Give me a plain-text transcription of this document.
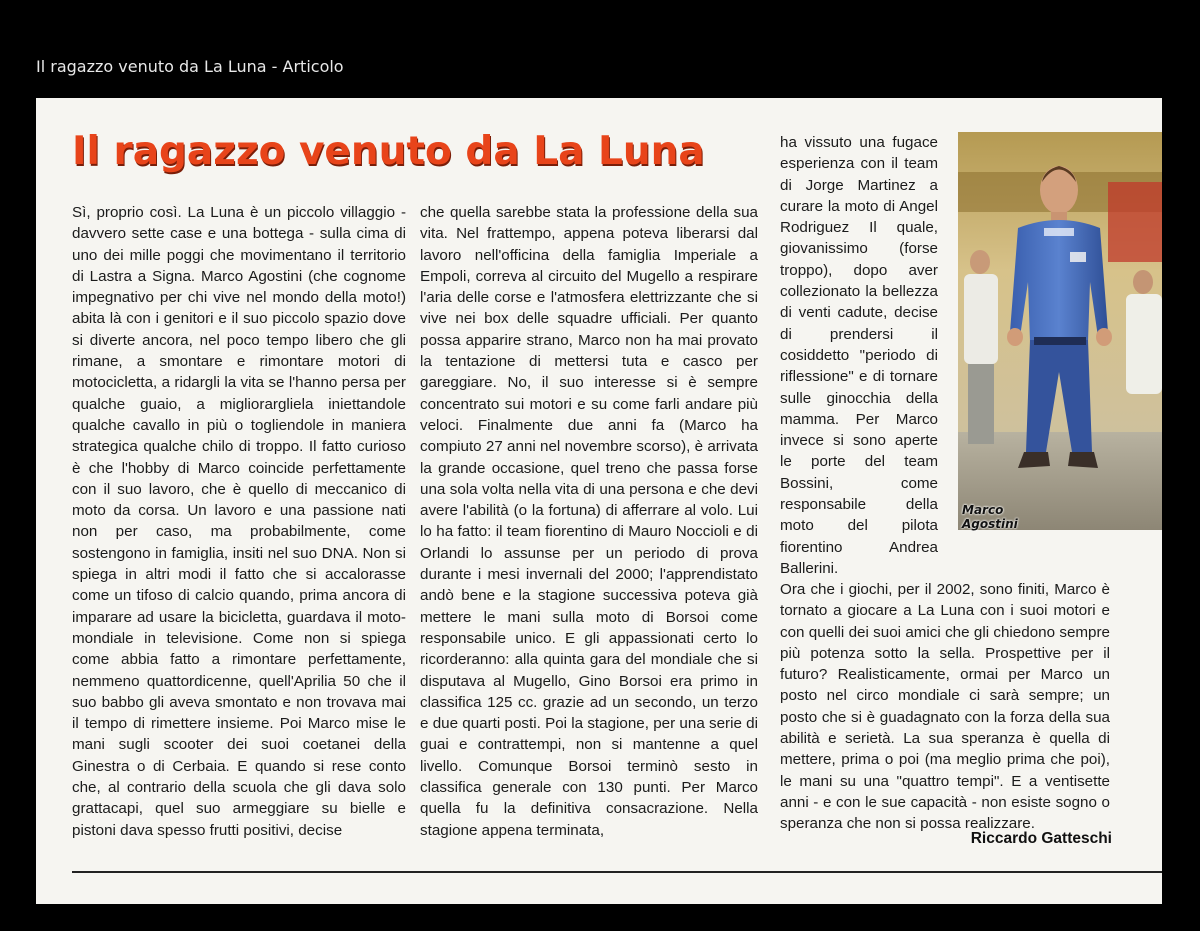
Il ragazzo venuto da La Luna - Articolo
Il ragazzo venuto da La Luna

Sì, proprio così. La Luna è un piccolo villaggio - davvero sette case e una bottega - sulla cima di uno dei mille poggi che movimentano il territorio di Lastra a Signa. Marco Agostini (che cognome impegnativo per chi vive nel mondo della moto!) abita là con i genitori e il suo piccolo spazio dove si diverte ancora, nel poco tempo libero che gli rimane, a smontare e rimontare motori di motocicletta, a ridargli la vita se l'hanno persa per qualche guaio, a migliorargliela iniettandole qualche cavallo in più o togliendole in maniera strategica qualche chilo di troppo. Il fatto curioso è che l'hobby di Marco coincide perfettamente con il suo lavoro, che è quello di meccanico di moto da corsa. Un lavoro e una passione nati non per caso, ma probabilmente, come sostengono in famiglia, insiti nel suo DNA. Non si spiega in altri modi il fatto che si accalorasse come un tifoso di calcio quando, prima ancora di imparare ad usare la bicicletta, guardava il moto-mondiale in televisione. Come non si spiega come abbia fatto a rimontare perfettamente, nemmeno quattordicenne, quell'Aprilia 50 che il suo babbo gli aveva smontato e non trovava mai il tempo di rimettere insieme. Poi Marco mise le mani sugli scooter dei suoi coetanei della Ginestra o di Cerbaia. E quando si rese conto che, al contrario della scuola che gli dava solo grattacapi, quel suo armeggiare su bielle e pistoni dava spesso frutti positivi, decise

che quella sarebbe stata la professione della sua vita. Nel frattempo, appena poteva liberarsi dal lavoro nell'officina della famiglia Imperiale a Empoli, correva al circuito del Mugello a respirare l'aria delle corse e l'atmosfera elettrizzante che si vive nei box delle squadre ufficiali. Per quanto possa apparire strano, Marco non ha mai provato la tentazione di mettersi tuta e casco per gareggiare. No, il suo interesse si è sempre concentrato sui motori e su come farli andare più veloci. Finalmente due anni fa (Marco ha compiuto 27 anni nel novembre scorso), è arrivata la grande occasione, quel treno che passa forse una sola volta nella vita di una persona e che devi avere l'abilità (o la fortuna) di afferrare al volo. Lui lo ha fatto: il team fiorentino di Mauro Noccioli e di Orlandi lo assunse per un periodo di prova durante i mesi invernali del 2000; l'apprendistato andò bene e la stagione successiva poteva già mettere le mani sulla moto di Borsoi come responsabile unico. E gli appassionati certo lo ricorderanno: alla quinta gara del mondiale che si disputava al Mugello, Gino Borsoi era primo in classifica 125 cc. grazie ad un secondo, un terzo e due quarti posti. Poi la stagione, per una serie di guai e contrattempi, non si mantenne a quel livello. Comunque Borsoi terminò sesto in classifica generale con 130 punti. Per Marco quella fu la definitiva consacrazione. Nella stagione appena terminata,

ha vissuto una fugace esperienza con il team di Jorge Martinez a curare la moto di Angel Rodriguez Il quale, giovanissimo (forse troppo), dopo aver collezionato la bellezza di venti cadute, decise di prendersi il cosiddetto "periodo di riflessione" e di tornare sulle ginocchia della mamma. Per Marco invece si sono aperte le porte del team Bossini, come responsabile della moto del pilota fiorentino Andrea Ballerini.

Marco
Agostini

Ora che i giochi, per il 2002, sono finiti, Marco è tornato a giocare a La Luna con i suoi motori e con quelli dei suoi amici che gli chiedono sempre più potenza sotto la sella. Prospettive per il futuro? Realisticamente, ormai per Marco un posto nel circo mondiale ci sarà sempre; un posto che si è guadagnato con la forza della sua abilità e serietà. La sua speranza è quella di mettere, prima o poi (ma meglio prima che poi), le mani su una "quattro tempi". E a ventisette anni - e con le sue capacità - non esiste sogno o speranza che non si possa realizzare.

Riccardo Gatteschi
